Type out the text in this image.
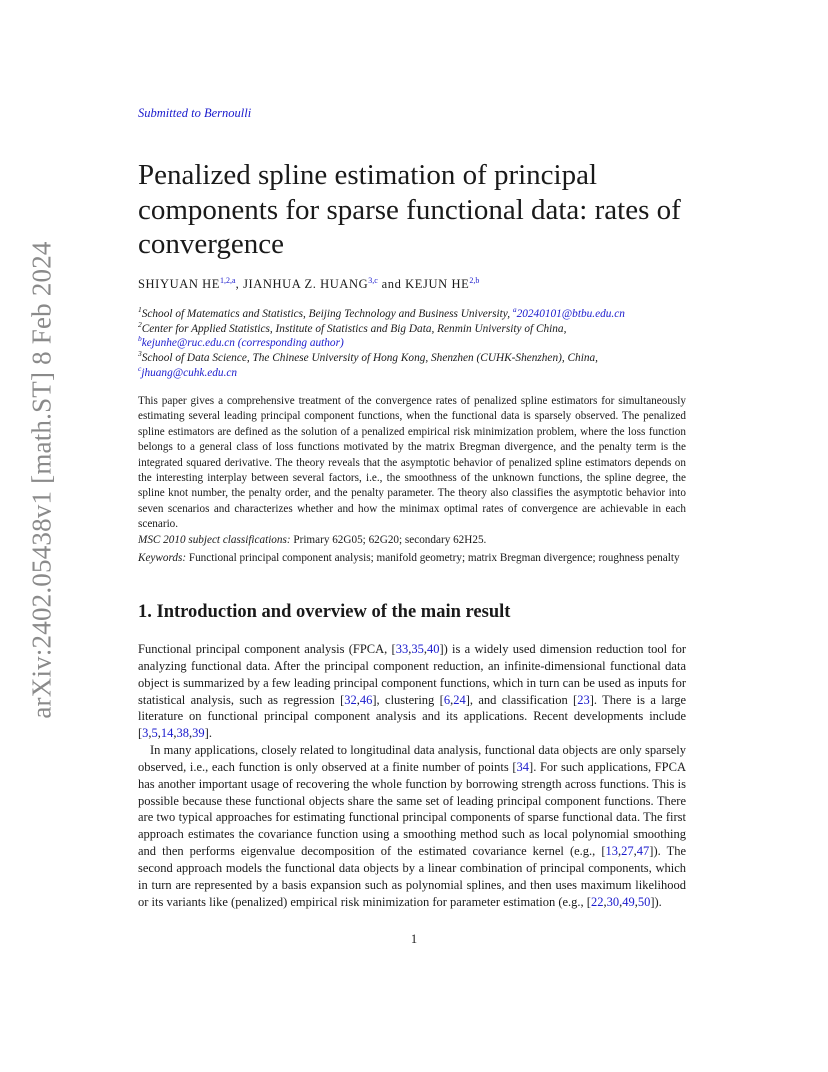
arXiv:2402.05438v1 [math.ST] 8 Feb 2024
Submitted to Bernoulli
Penalized spline estimation of principal components for sparse functional data: rates of convergence
SHIYUAN HE$^{1,2,a}$, JIANHUA Z. HUANG$^{3,c}$ and KEJUN HE$^{2,b}$
$^1$School of Matematics and Statistics, Beijing Technology and Business University, $^a$20240101@btbu.edu.cn
$^2$Center for Applied Statistics, Institute of Statistics and Big Data, Renmin University of China,
$^b$kejunhe@ruc.edu.cn (corresponding author)
$^3$School of Data Science, The Chinese University of Hong Kong, Shenzhen (CUHK-Shenzhen), China,
$^c$jhuang@cuhk.edu.cn

This paper gives a comprehensive treatment of the convergence rates of penalized spline estimators for simultaneously estimating several leading principal component functions, when the functional data is sparsely observed. The penalized spline estimators are defined as the solution of a penalized empirical risk minimization problem, where the loss function belongs to a general class of loss functions motivated by the matrix Bregman divergence, and the penalty term is the integrated squared derivative. The theory reveals that the asymptotic behavior of penalized spline estimators depends on the interesting interplay between several factors, i.e., the smoothness of the unknown functions, the spline degree, the spline knot number, the penalty order, and the penalty parameter. The theory also classifies the asymptotic behavior into seven scenarios and characterizes whether and how the minimax optimal rates of convergence are achievable in each scenario.

MSC 2010 subject classifications: Primary 62G05; 62G20; secondary 62H25.
Keywords: Functional principal component analysis; manifold geometry; matrix Bregman divergence; roughness penalty
1. Introduction and overview of the main result

Functional principal component analysis (FPCA, [33,35,40]) is a widely used dimension reduction tool for analyzing functional data. After the principal component reduction, an infinite-dimensional functional data object is summarized by a few leading principal component functions, which in turn can be used as inputs for statistical analysis, such as regression [32,46], clustering [6,24], and classification [23]. There is a large literature on functional principal component analysis and its applications. Recent developments include [3,5,14,38,39].

In many applications, closely related to longitudinal data analysis, functional data objects are only sparsely observed, i.e., each function is only observed at a finite number of points [34]. For such applications, FPCA has another important usage of recovering the whole function by borrowing strength across functions. This is possible because these functional objects share the same set of leading principal component functions. There are two typical approaches for estimating functional principal components of sparse functional data. The first approach estimates the covariance function using a smoothing method such as local polynomial smoothing and then performs eigenvalue decomposition of the estimated covariance kernel (e.g., [13,27,47]). The second approach models the functional data objects by a linear combination of principal components, which in turn are represented by a basis expansion such as polynomial splines, and then uses maximum likelihood or its variants like (penalized) empirical risk minimization for parameter estimation (e.g., [22,30,49,50]).

1
